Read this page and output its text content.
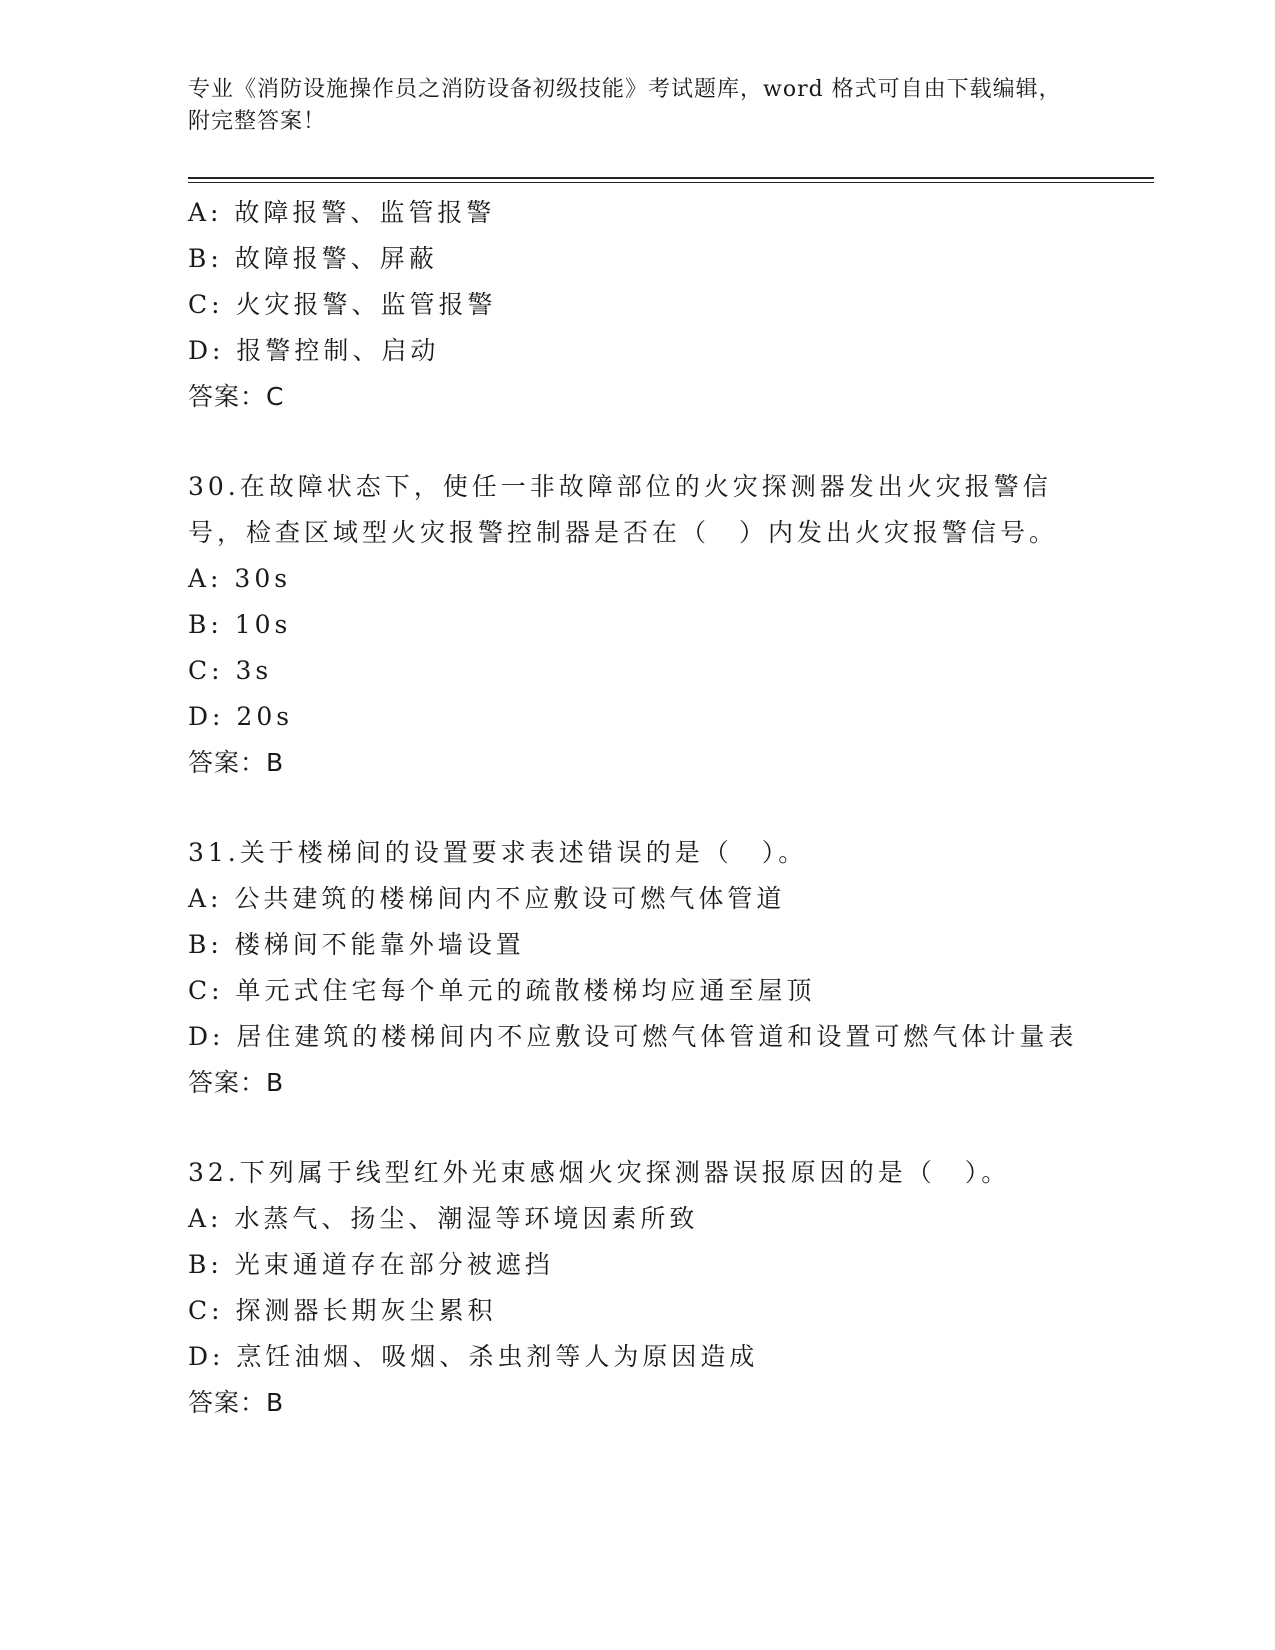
专业《消防设施操作员之消防设备初级技能》考试题库，word 格式可自由下载编辑，附完整答案！
A: 故障报警、监管报警
B: 故障报警、屏蔽
C: 火灾报警、监管报警
D: 报警控制、启动
答案：C
30.在故障状态下，使任一非故障部位的火灾探测器发出火灾报警信号，检查区域型火灾报警控制器是否在（　）内发出火灾报警信号。
A: 30s
B: 10s
C: 3s
D: 20s
答案：B
31.关于楼梯间的设置要求表述错误的是（　）。
A: 公共建筑的楼梯间内不应敷设可燃气体管道
B: 楼梯间不能靠外墙设置
C: 单元式住宅每个单元的疏散楼梯均应通至屋顶
D: 居住建筑的楼梯间内不应敷设可燃气体管道和设置可燃气体计量表
答案：B
32.下列属于线型红外光束感烟火灾探测器误报原因的是（　）。
A: 水蒸气、扬尘、潮湿等环境因素所致
B: 光束通道存在部分被遮挡
C: 探测器长期灰尘累积
D: 烹饪油烟、吸烟、杀虫剂等人为原因造成
答案：B
